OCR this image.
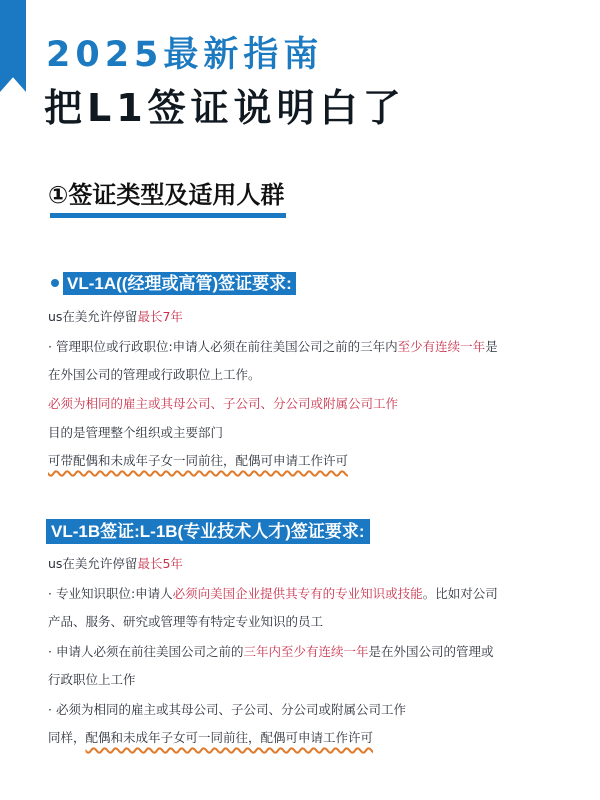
2025最新指南
把L1签证说明白了
①签证类型及适用人群
VL-1A((经理或高管)签证要求:
us在美允许停留最长7年
· 管理职位或行政职位:申请人必须在前往美国公司之前的三年内至少有连续一年是
在外国公司的管理或行政职位上工作。
必须为相同的雇主或其母公司、子公司、分公司或附属公司工作
目的是管理整个组织或主要部门
可带配偶和未成年子女一同前往，配偶可申请工作许可
VL-1B签证:L-1B(专业技术人才)签证要求:
us在美允许停留最长5年
· 专业知识职位:申请人必须向美国企业提供其专有的专业知识或技能。比如对公司
产品、服务、研究或管理等有特定专业知识的员工
· 申请人必须在前往美国公司之前的三年内至少有连续一年是在外国公司的管理或
行政职位上工作
· 必须为相同的雇主或其母公司、子公司、分公司或附属公司工作
同样，配偶和未成年子女可一同前往，配偶可申请工作许可
